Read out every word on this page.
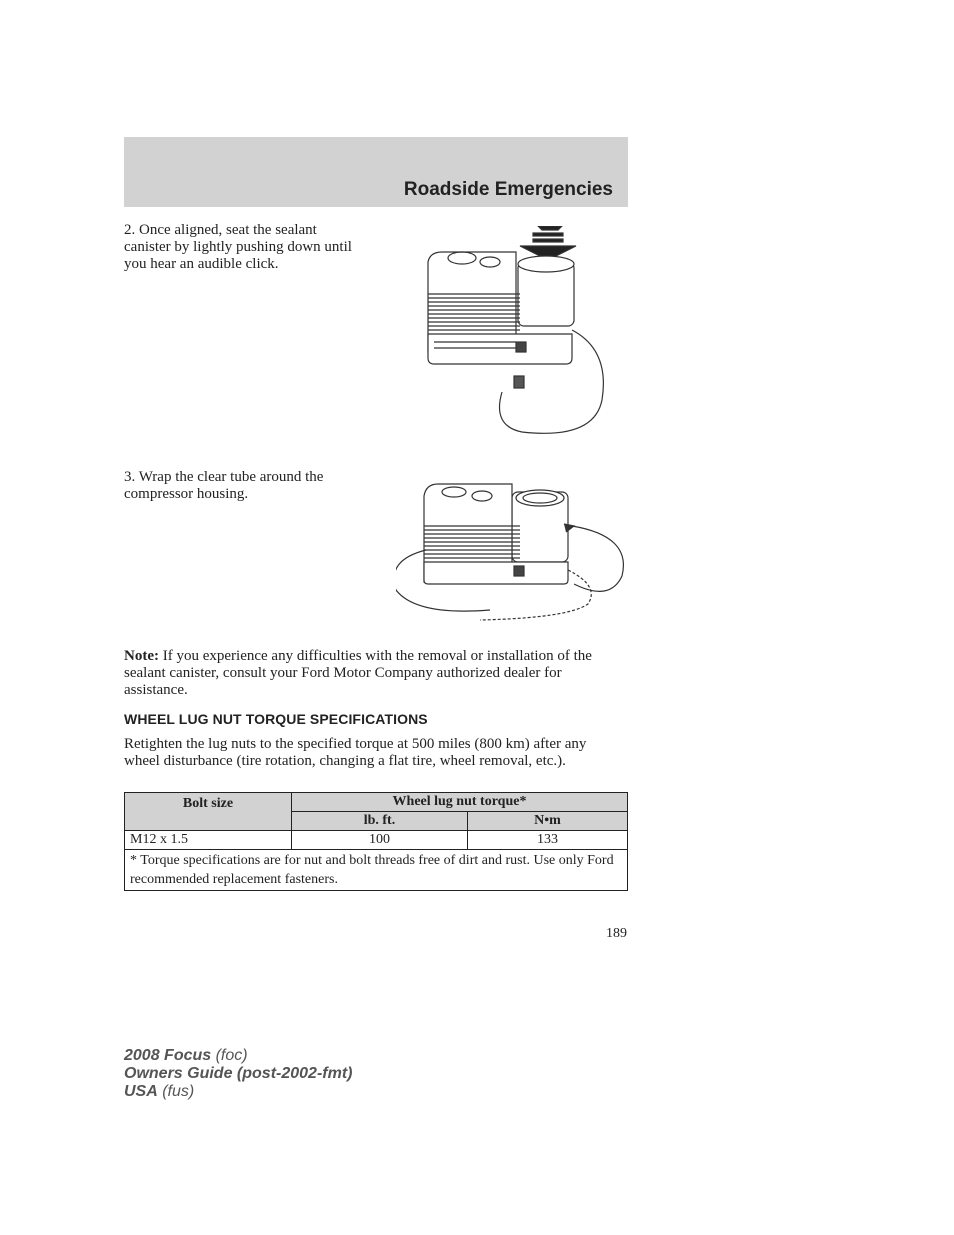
Roadside Emergencies
2. Once aligned, seat the sealant canister by lightly pushing down until you hear an audible click.
3. Wrap the clear tube around the compressor housing.
Note: If you experience any difficulties with the removal or installation of the sealant canister, consult your Ford Motor Company authorized dealer for assistance.
WHEEL LUG NUT TORQUE SPECIFICATIONS
Retighten the lug nuts to the specified torque at 500 miles (800 km) after any wheel disturbance (tire rotation, changing a flat tire, wheel removal, etc.).
Bolt size	Wheel lug nut torque*	
	lb. ft.	N•m
M12 x 1.5	100	133
* Torque specifications are for nut and bolt threads free of dirt and rust. Use only Ford recommended replacement fasteners.		
189
2008 Focus (foc)
Owners Guide (post-2002-fmt)
USA (fus)
